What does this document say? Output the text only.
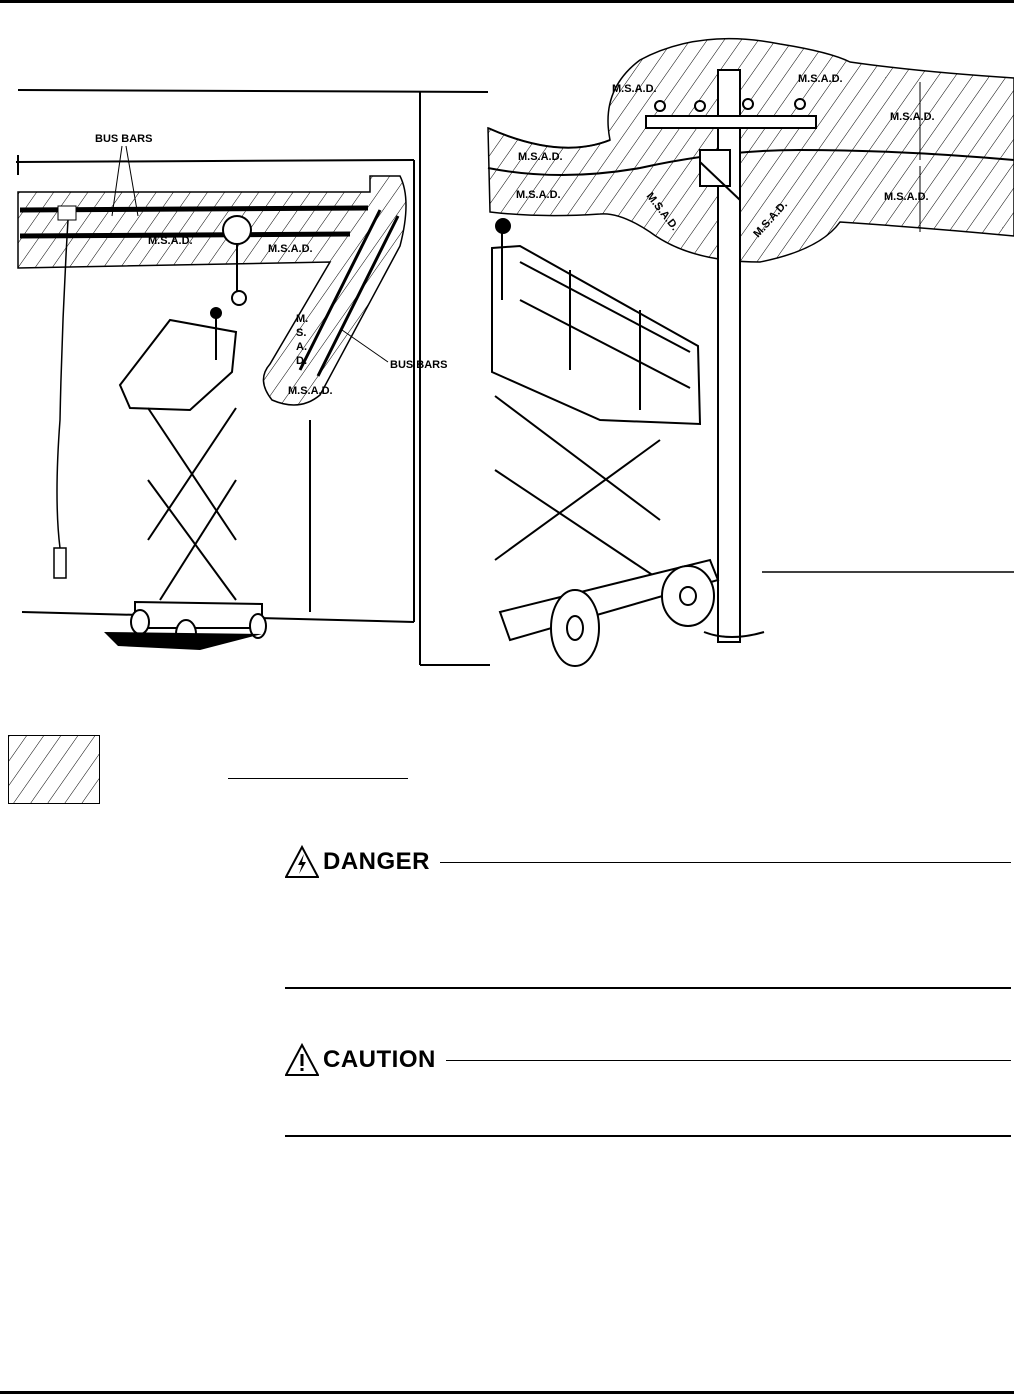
BUS BARS
BUS BARS
M.S.A.D.
M.S.A.D.
M.S.A.D.
M.
S.
A.
D.
M.S.A.D.
M.S.A.D.
M.S.A.D.
M.S.A.D.
M.S.A.D.
M.S.A.D.
M.S.A.D.	M.S.A.D.
DANGER
CAUTION
